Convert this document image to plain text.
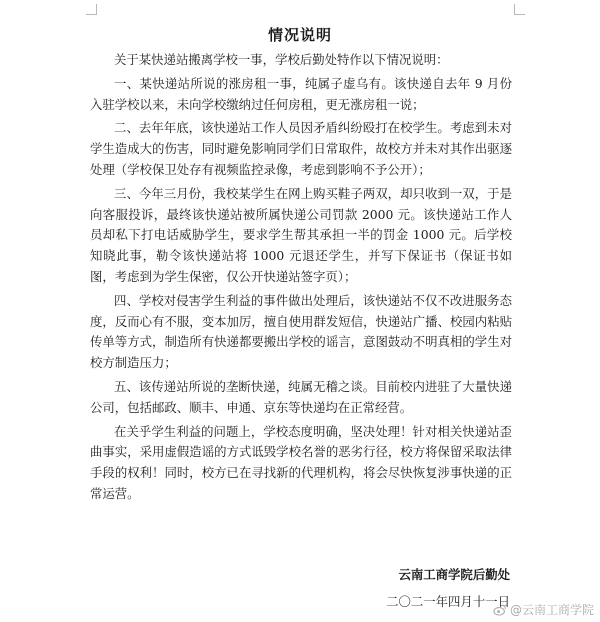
情况说明

关于某快递站搬离学校一事，学校后勤处特作以下情况说明：

一、某快递站所说的涨房租一事，纯属子虚乌有。该快递自去年 9 月份入驻学校以来，未向学校缴纳过任何房租，更无涨房租一说；

二、去年年底，该快递站工作人员因矛盾纠纷殴打在校学生。考虑到未对学生造成大的伤害，同时避免影响同学们日常取件，故校方并未对其作出驱逐处理（学校保卫处存有视频监控录像，考虑到影响不予公开）；

三、今年三月份，我校某学生在网上购买鞋子两双，却只收到一双，于是向客服投诉，最终该快递站被所属快递公司罚款 2000 元。该快递站工作人员却私下打电话威胁学生，要求学生帮其承担一半的罚金 1000 元。后学校知晓此事，勒令该快递站将 1000 元退还学生，并写下保证书（保证书如图，考虑到为学生保密，仅公开快递站签字页）；

四、学校对侵害学生利益的事件做出处理后，该快递站不仅不改进服务态度，反而心有不服，变本加厉，擅自使用群发短信，快递站广播、校园内粘贴传单等方式，制造所有快递都要搬出学校的谣言，意图鼓动不明真相的学生对校方制造压力；

五、该传递站所说的垄断快递，纯属无稽之谈。目前校内进驻了大量快递公司，包括邮政、顺丰、申通、京东等快递均在正常经营。

在关乎学生利益的问题上，学校态度明确，坚决处理！针对相关快递站歪曲事实，采用虚假造谣的方式诋毁学校名誉的恶劣行径，校方将保留采取法律手段的权利！同时，校方已在寻找新的代理机构，将会尽快恢复涉事快递的正常运营。

云南工商学院后勤处
二〇二一年四月十一日
@云南工商学院
